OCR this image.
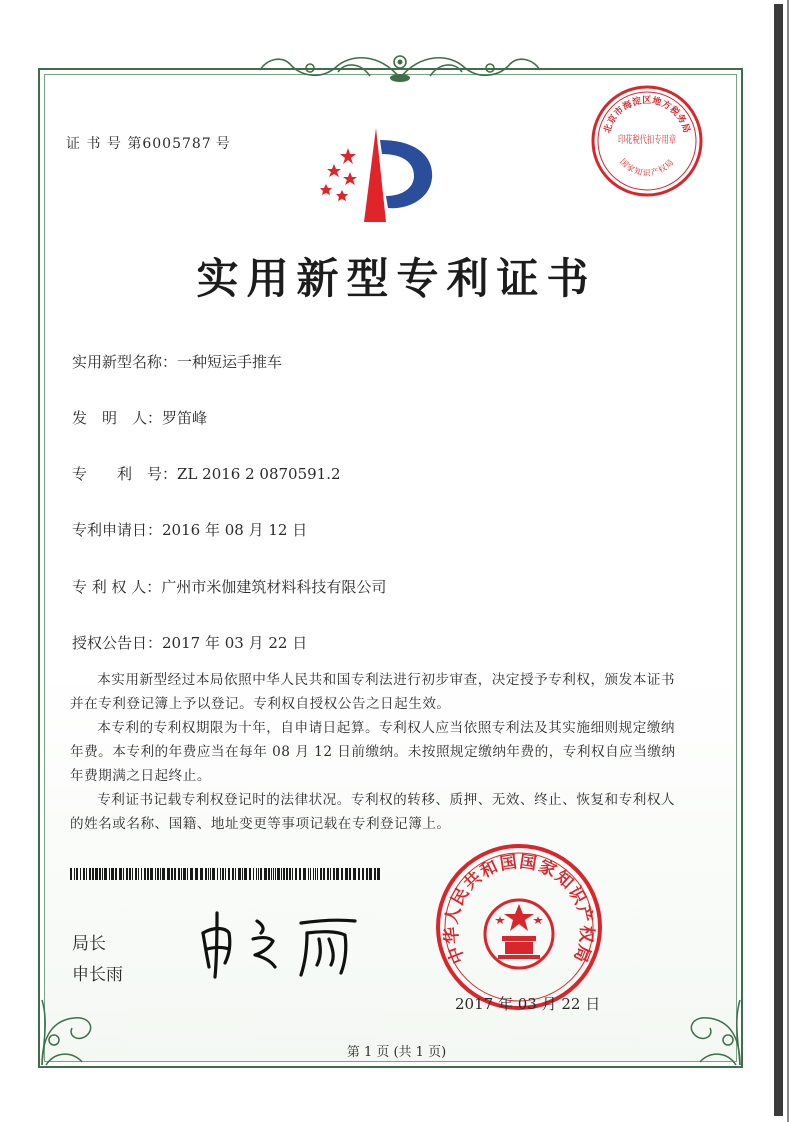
证 书 号 第6005787 号
实用新型专利证书
实用新型名称：一种短运手推车
发　明　人：罗笛峰
专　　利　号：ZL 2016 2 0870591.2
专利申请日：2016 年 08 月 12 日
专 利 权 人：广州市米伽建筑材料科技有限公司
授权公告日：2017 年 03 月 22 日

本实用新型经过本局依照中华人民共和国专利法进行初步审查，决定授予专利权，颁发本证书并在专利登记簿上予以登记。专利权自授权公告之日起生效。

本专利的专利权期限为十年，自申请日起算。专利权人应当依照专利法及其实施细则规定缴纳年费。本专利的年费应当在每年 08 月 12 日前缴纳。未按照规定缴纳年费的，专利权自应当缴纳年费期满之日起终止。

专利证书记载专利权登记时的法律状况。专利权的转移、质押、无效、终止、恢复和专利权人的姓名或名称、国籍、地址变更等事项记载在专利登记簿上。

局长
申长雨
北京市海淀区地方税务局
印花税代扣专用章
国家知识产权局
中华人民共和国国家知识产权局
2017 年 03 月 22 日
第 1 页 (共 1 页)
